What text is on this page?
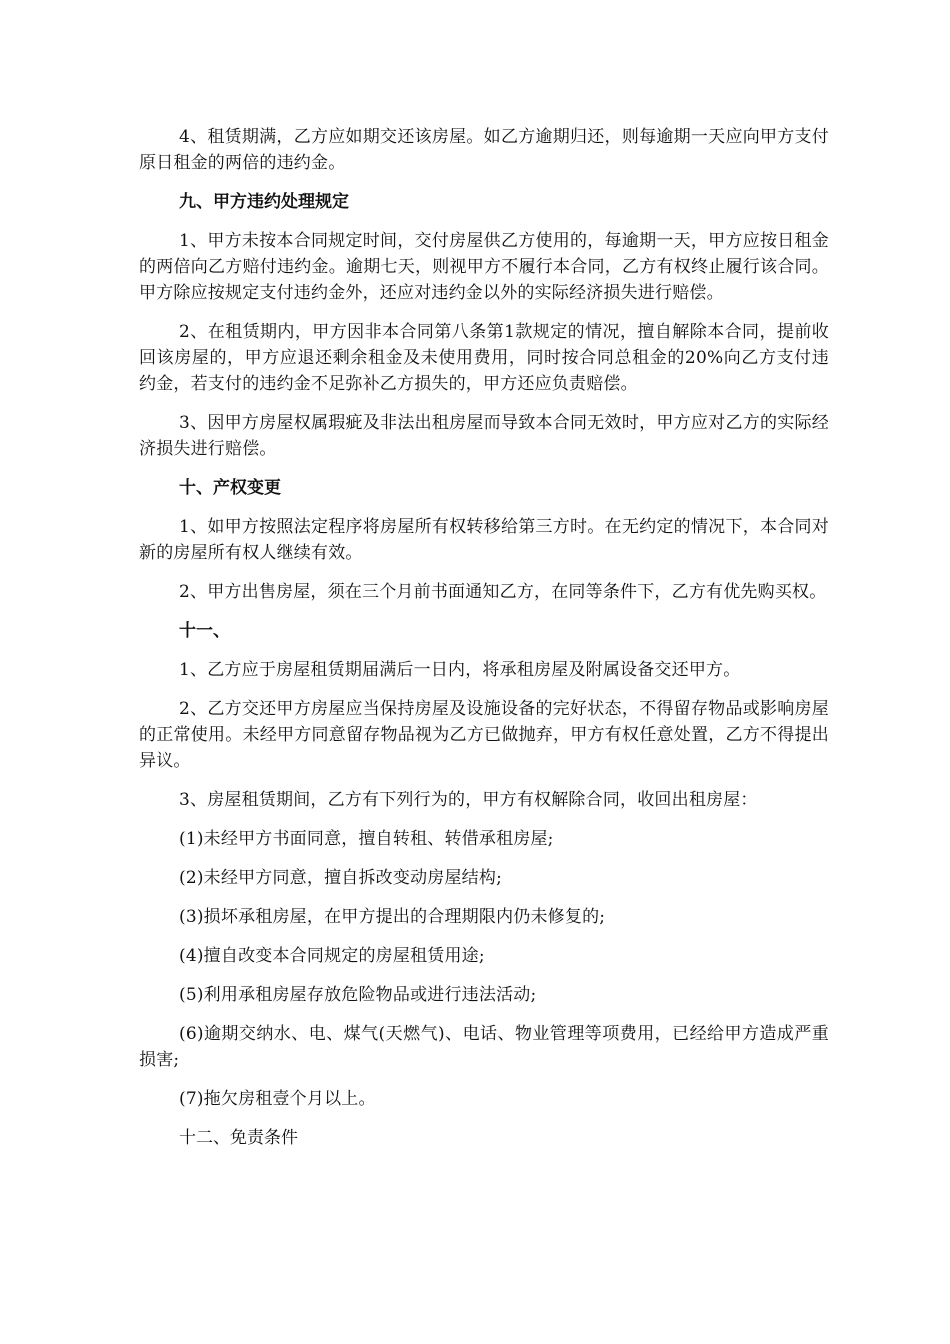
4、租赁期满，乙方应如期交还该房屋。如乙方逾期归还，则每逾期一天应向甲方支付原日租金的两倍的违约金。

九、甲方违约处理规定

1、甲方未按本合同规定时间，交付房屋供乙方使用的，每逾期一天，甲方应按日租金的两倍向乙方赔付违约金。逾期七天，则视甲方不履行本合同，乙方有权终止履行该合同。甲方除应按规定支付违约金外，还应对违约金以外的实际经济损失进行赔偿。

2、在租赁期内，甲方因非本合同第八条第1款规定的情况，擅自解除本合同，提前收回该房屋的，甲方应退还剩余租金及未使用费用，同时按合同总租金的20%向乙方支付违约金，若支付的违约金不足弥补乙方损失的，甲方还应负责赔偿。

3、因甲方房屋权属瑕疵及非法出租房屋而导致本合同无效时，甲方应对乙方的实际经济损失进行赔偿。

十、产权变更

1、如甲方按照法定程序将房屋所有权转移给第三方时。在无约定的情况下，本合同对新的房屋所有权人继续有效。

2、甲方出售房屋，须在三个月前书面通知乙方，在同等条件下，乙方有优先购买权。

十一、

1、乙方应于房屋租赁期届满后一日内，将承租房屋及附属设备交还甲方。

2、乙方交还甲方房屋应当保持房屋及设施设备的完好状态，不得留存物品或影响房屋的正常使用。未经甲方同意留存物品视为乙方已做抛弃，甲方有权任意处置，乙方不得提出异议。

3、房屋租赁期间，乙方有下列行为的，甲方有权解除合同，收回出租房屋：

(1)未经甲方书面同意，擅自转租、转借承租房屋;

(2)未经甲方同意，擅自拆改变动房屋结构;

(3)损坏承租房屋，在甲方提出的合理期限内仍未修复的;

(4)擅自改变本合同规定的房屋租赁用途;

(5)利用承租房屋存放危险物品或进行违法活动;

(6)逾期交纳水、电、煤气(天燃气)、电话、物业管理等项费用，已经给甲方造成严重损害;

(7)拖欠房租壹个月以上。

十二、免责条件
